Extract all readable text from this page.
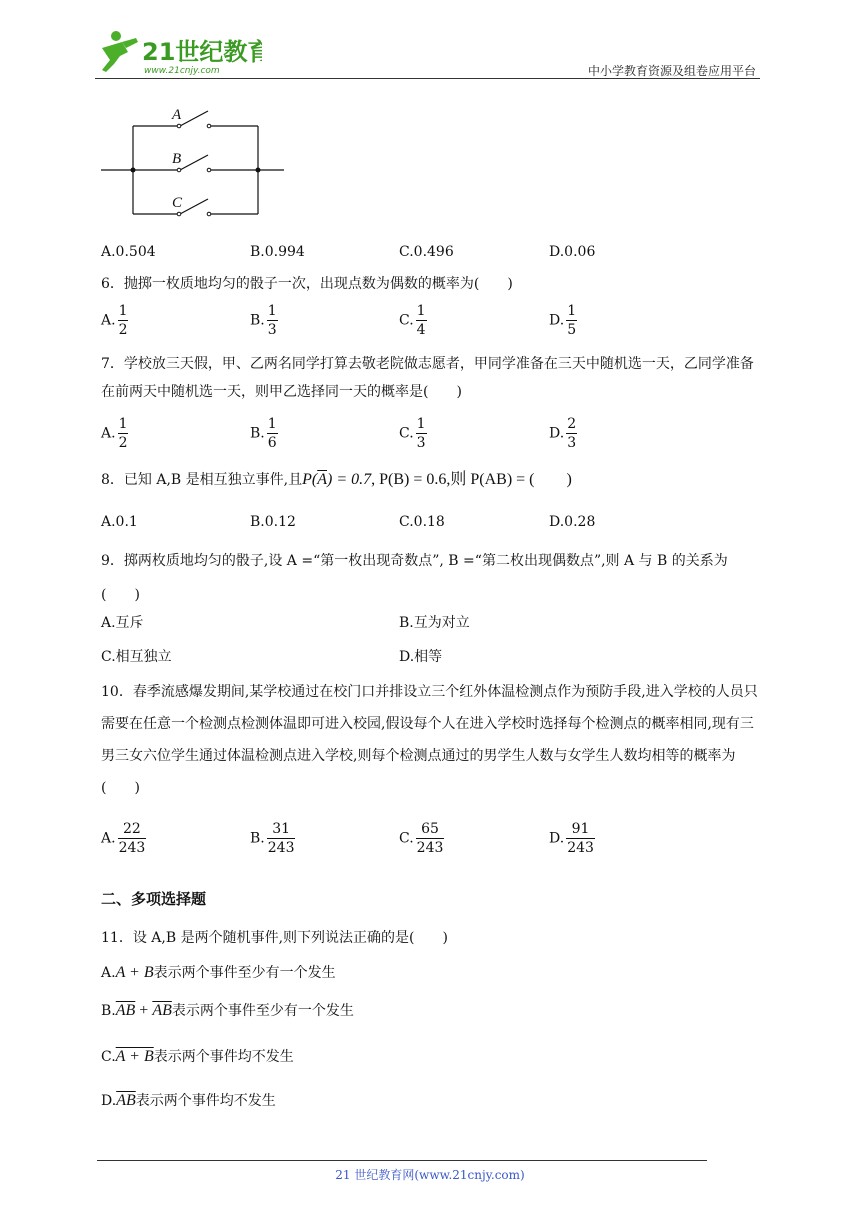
21世纪教育
www.21cnjy.com	中小学教育资源及组卷应用平台
A
B
C
A.0.504	B.0.994	C.0.496	D.0.06
6．抛掷一枚质地均匀的骰子一次，出现点数为偶数的概率为(　　)
A. $\frac{1}{2}$	B. $\frac{1}{3}$	C. $\frac{1}{4}$	D. $\frac{1}{5}$
7．学校放三天假，甲、乙两名同学打算去敬老院做志愿者，甲同学准备在三天中随机选一天，乙同学准备在前两天中随机选一天，则甲乙选择同一天的概率是(　　)
A. $\frac{1}{2}$	B. $\frac{1}{6}$	C. $\frac{1}{3}$	D. $\frac{2}{3}$
8．已知 A,B 是相互独立事件,且$P(\overline{A}) = 0.7$, P(B) = 0.6,则 P(AB) = (　　)
A.0.1	B.0.12	C.0.18	D.0.28
9．掷两枚质地均匀的骰子,设 A =“第一枚出现奇数点”, B =“第二枚出现偶数点”,则 A 与 B 的关系为(　　)
A.互斥	B.互为对立
C.相互独立	D.相等
10．春季流感爆发期间,某学校通过在校门口并排设立三个红外体温检测点作为预防手段,进入学校的人员只需要在任意一个检测点检测体温即可进入校园,假设每个人在进入学校时选择每个检测点的概率相同,现有三男三女六位学生通过体温检测点进入学校,则每个检测点通过的男学生人数与女学生人数均相等的概率为(　　)
A. $\frac{22}{243}$	B. $\frac{31}{243}$	C. $\frac{65}{243}$	D. $\frac{91}{243}$
二、多项选择题
11．设 A,B 是两个随机事件,则下列说法正确的是(　　)
A.A + B表示两个事件至少有一个发生
$B.\overline{AB} + \overline{AB}$表示两个事件至少有一个发生
C.A + B表示两个事件均不发生
$D.\overline{AB}$表示两个事件均不发生
21 世纪教育网(www.21cnjy.com)
